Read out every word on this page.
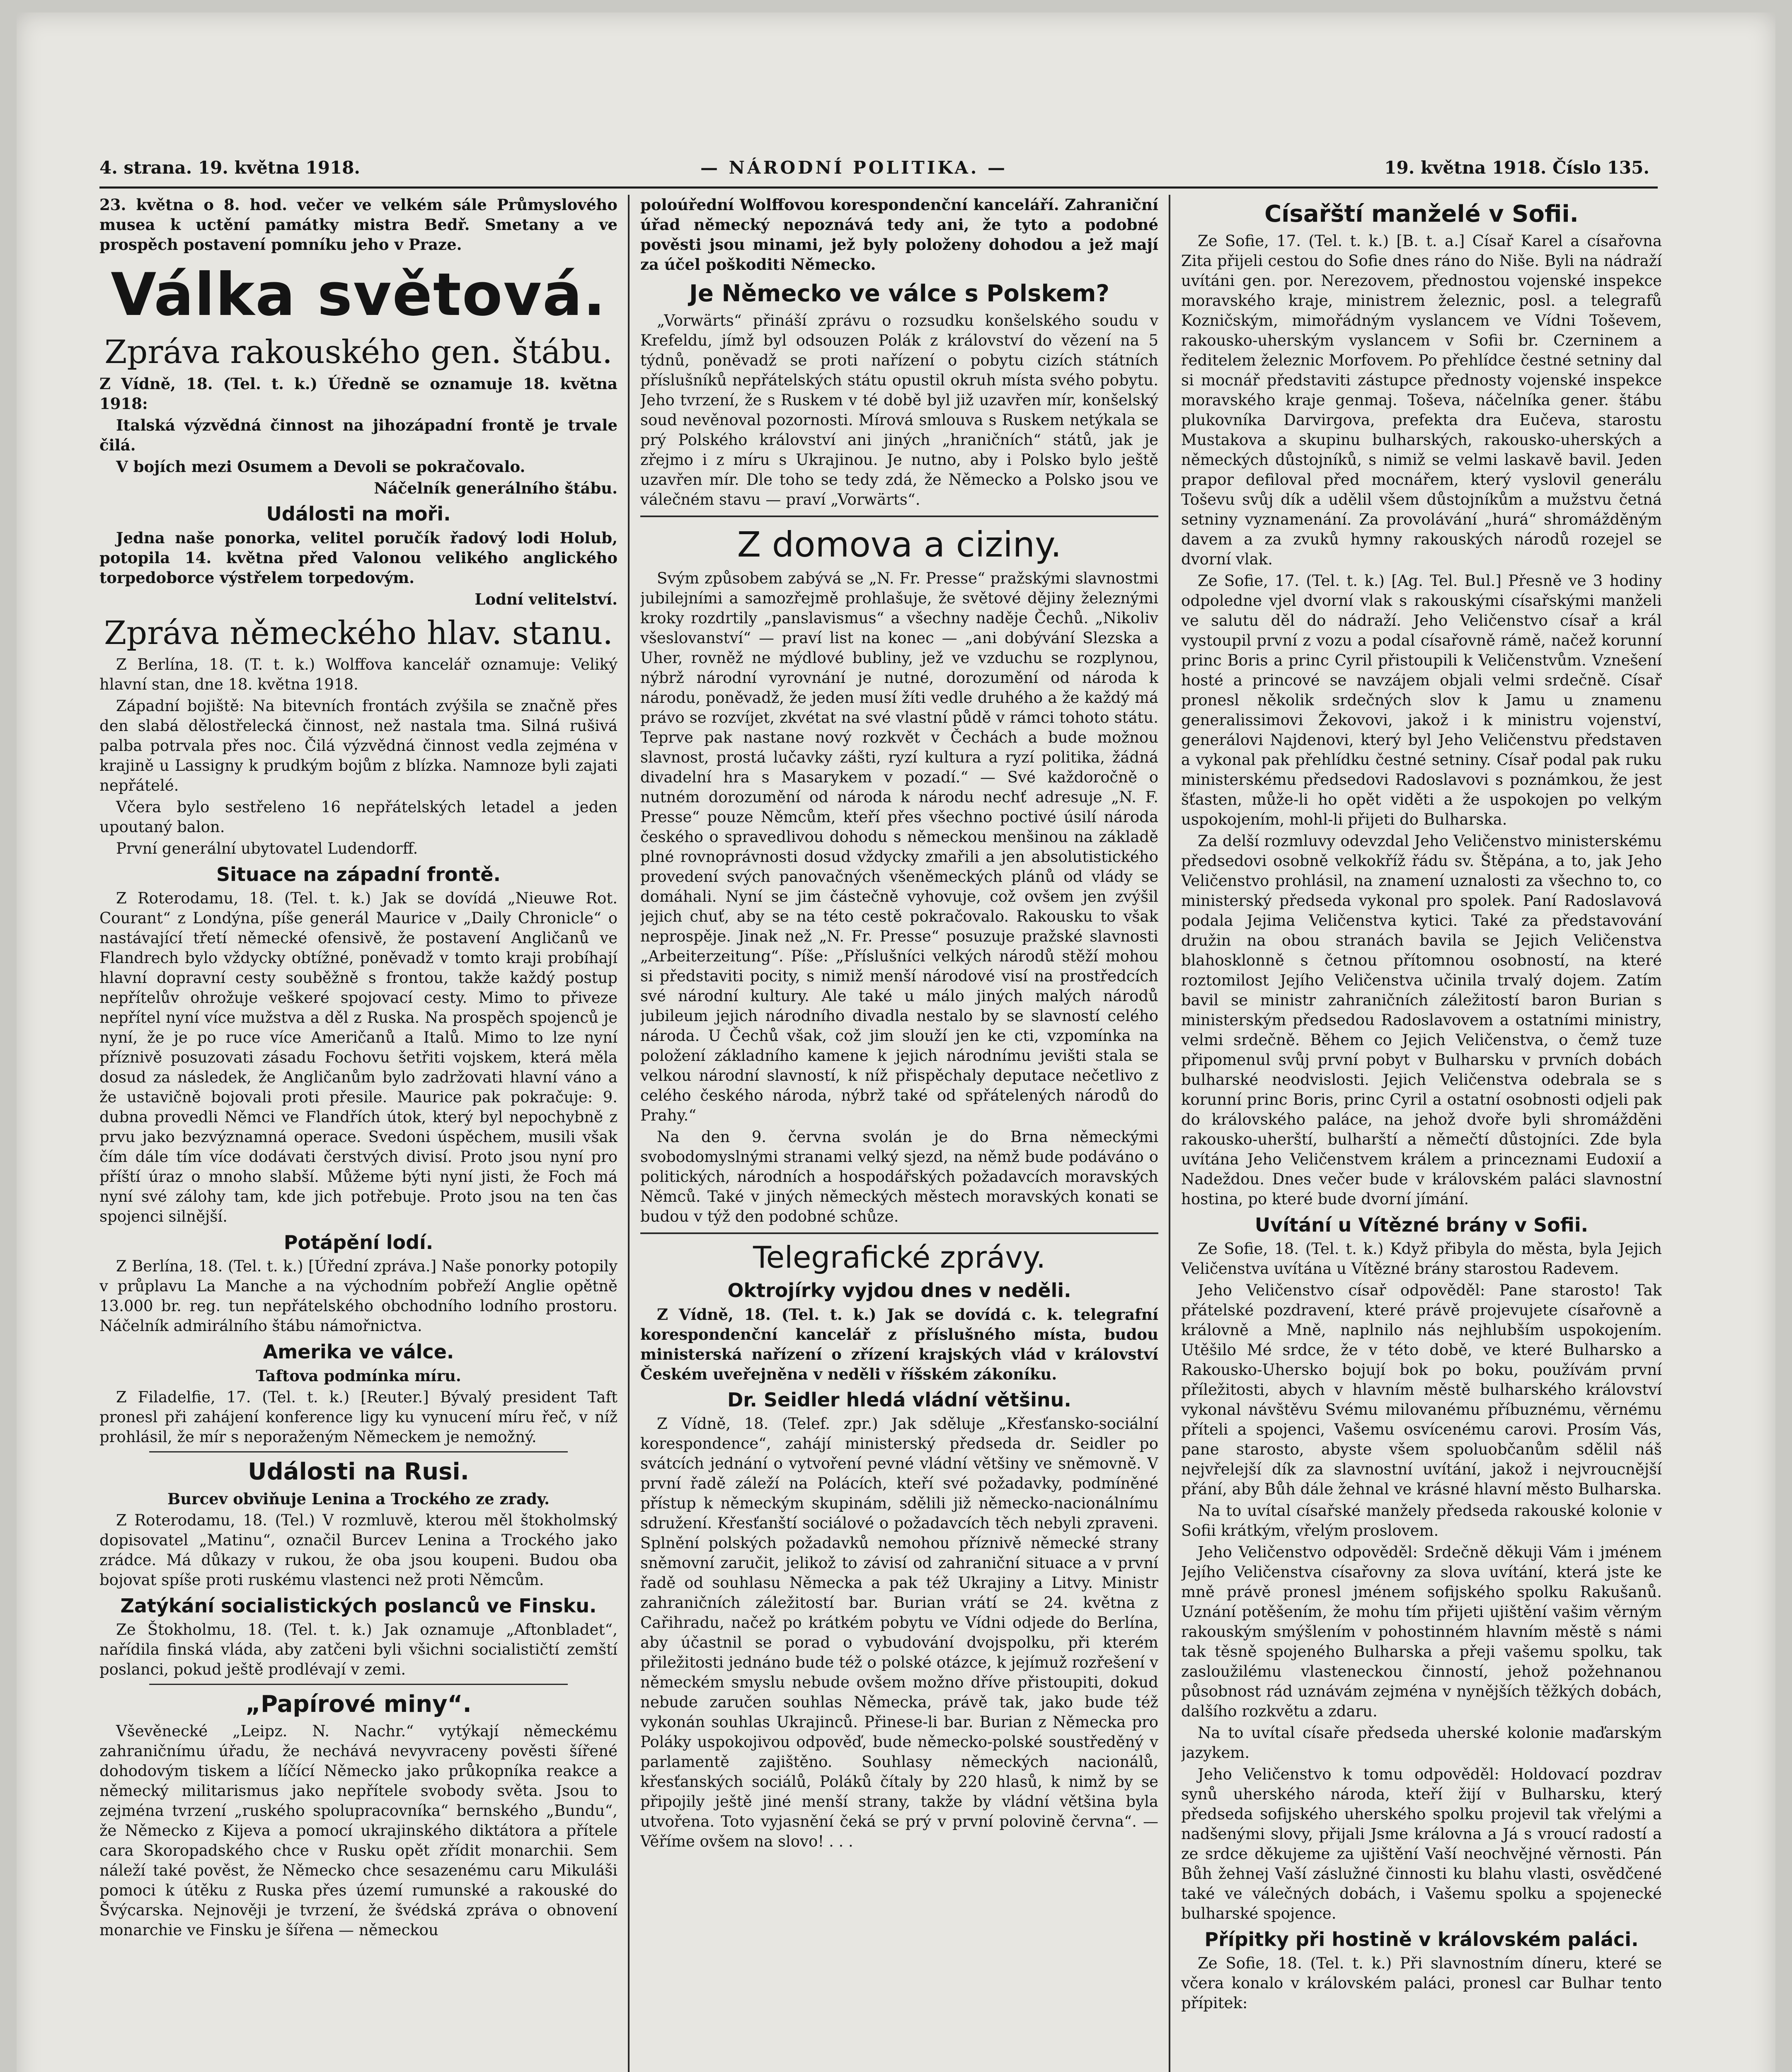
4. strana. 19. května 1918.	— NÁRODNÍ POLITIKA. —	19. května 1918. Číslo 135.

23. května o 8. hod. večer ve velkém sále Průmyslového musea k uctění památky mistra Bedř. Smetany a ve prospěch postavení pomníku jeho v Praze.

Válka světová.
Zpráva rakouského gen. štábu.

Z Vídně, 18. (Tel. t. k.) Úředně se oznamuje 18. května 1918:

Italská výzvědná činnost na jihozápadní frontě je trvale čilá.

V bojích mezi Osumem a Devoli se pokračovalo.

Náčelník generálního štábu.

Události na moři.

Jedna naše ponorka, velitel poručík řadový lodi Holub, potopila 14. května před Valonou velikého anglického torpedoborce výstřelem torpedovým.

Lodní velitelství.

Zpráva německého hlav. stanu.

Z Berlína, 18. (T. t. k.) Wolffova kancelář oznamuje: Veliký hlavní stan, dne 18. května 1918.

Západní bojiště: Na bitevních frontách zvýšila se značně přes den slabá dělostřelecká činnost, než nastala tma. Silná rušivá palba potrvala přes noc. Čilá výzvědná činnost vedla zejména v krajině u Lassigny k prudkým bojům z blízka. Namnoze byli zajati nepřátelé.

Včera bylo sestřeleno 16 nepřátelských letadel a jeden upoutaný balon.

První generální ubytovatel Ludendorff.

Situace na západní frontě.

Z Roterodamu, 18. (Tel. t. k.) Jak se dovídá „Nieuwe Rot. Courant“ z Londýna, píše generál Maurice v „Daily Chronicle“ o nastávající třetí německé ofensivě, že postavení Angličanů ve Flandrech bylo vždycky obtížné, poněvadž v tomto kraji probíhají hlavní dopravní cesty souběžně s frontou, takže každý postup nepřítelův ohrožuje veškeré spojovací cesty. Mimo to přiveze nepřítel nyní více mužstva a děl z Ruska. Na prospěch spojenců je nyní, že je po ruce více Američanů a Italů. Mimo to lze nyní příznivě posuzovati zásadu Fochovu šetřiti vojskem, která měla dosud za následek, že Angličanům bylo zadržovati hlavní váno a že ustavičně bojovali proti přesile. Maurice pak pokračuje: 9. dubna provedli Němci ve Flandřích útok, který byl nepochybně z prvu jako bezvýznamná operace. Svedoni úspěchem, musili však čím dále tím více dodávati čerstvých divisí. Proto jsou nyní pro příští úraz o mnoho slabší. Můžeme býti nyní jisti, že Foch má nyní své zálohy tam, kde jich potřebuje. Proto jsou na ten čas spojenci silnější.

Potápění lodí.

Z Berlína, 18. (Tel. t. k.) [Úřední zpráva.] Naše ponorky potopily v průplavu La Manche a na východním pobřeží Anglie opětně 13.000 br. reg. tun nepřátelského obchodního lodního prostoru. Náčelník admirálního štábu námořnictva.

Amerika ve válce.

Taftova podmínka míru.

Z Filadelfie, 17. (Tel. t. k.) [Reuter.] Bývalý president Taft pronesl při zahájení konference ligy ku vynucení míru řeč, v níž prohlásil, že mír s neporaženým Německem je nemožný.

Události na Rusi.

Burcev obviňuje Lenina a Trockého ze zrady.

Z Roterodamu, 18. (Tel.) V rozmluvě, kterou měl štokholmský dopisovatel „Matinu“, označil Burcev Lenina a Trockého jako zrádce. Má důkazy v rukou, že oba jsou koupeni. Budou oba bojovat spíše proti ruskému vlastenci než proti Němcům.

Zatýkání socialistických poslanců ve Finsku.

Ze Štokholmu, 18. (Tel. t. k.) Jak oznamuje „Aftonbladet“, nařídila finská vláda, aby zatčeni byli všichni socialističtí zemští poslanci, pokud ještě prodlévají v zemi.

„Papírové miny“.

Vševěnecké „Leipz. N. Nachr.“ vytýkají německému zahraničnímu úřadu, že nechává nevyvraceny pověsti šířené dohodovým tiskem a líčící Německo jako průkopníka reakce a německý militarismus jako nepřítele svobody světa. Jsou to zejména tvrzení „ruského spolupracovníka“ bernského „Bundu“, že Německo z Kijeva a pomocí ukrajinského diktátora a přítele cara Skoropadského chce v Rusku opět zřídit monarchii. Sem náleží také pověst, že Německo chce sesazenému caru Mikuláši pomoci k útěku z Ruska přes území rumunské a rakouské do Švýcarska. Nejnověji je tvrzení, že švédská zpráva o obnovení monarchie ve Finsku je šířena — německou

poloúřední Wolffovou korespondenční kanceláří. Zahraniční úřad německý nepoznává tedy ani, že tyto a podobné pověsti jsou minami, jež byly položeny dohodou a jež mají za účel poškoditi Německo.

Je Německo ve válce s Polskem?

„Vorwärts“ přináší zprávu o rozsudku konšelského soudu v Krefeldu, jímž byl odsouzen Polák z království do vězení na 5 týdnů, poněvadž se proti nařízení o pobytu cizích státních příslušníků nepřátelských státu opustil okruh místa svého pobytu. Jeho tvrzení, že s Ruskem v té době byl již uzavřen mír, konšelský soud nevěnoval pozornosti. Mírová smlouva s Ruskem netýkala se prý Polského království ani jiných „hraničních“ států, jak je zřejmo i z míru s Ukrajinou. Je nutno, aby i Polsko bylo ještě uzavřen mír. Dle toho se tedy zdá, že Německo a Polsko jsou ve válečném stavu — praví „Vorwärts“.

Z domova a ciziny.

Svým způsobem zabývá se „N. Fr. Presse“ pražskými slavnostmi jubilejními a samozřejmě prohlašuje, že světové dějiny železnými kroky rozdrtily „panslavismus“ a všechny naděje Čechů. „Nikoliv všeslovanství“ — praví list na konec — „ani dobývání Slezska a Uher, rovněž ne mýdlové bubliny, jež ve vzduchu se rozplynou, nýbrž národní vyrovnání je nutné, dorozumění od národa k národu, poněvadž, že jeden musí žíti vedle druhého a že každý má právo se rozvíjet, zkvétat na své vlastní půdě v rámci tohoto státu. Teprve pak nastane nový rozkvět v Čechách a bude možnou slavnost, prostá lučavky zášti, ryzí kultura a ryzí politika, žádná divadelní hra s Masarykem v pozadí.“ — Své každoročně o nutném dorozumění od národa k národu nechť adresuje „N. F. Presse“ pouze Němcům, kteří přes všechno poctivé úsilí národa českého o spravedlivou dohodu s německou menšinou na základě plné rovnoprávnosti dosud vždycky zmařili a jen absolutistického provedení svých panovačných všeněmeckých plánů od vlády se domáhali. Nyní se jim částečně vyhovuje, což ovšem jen zvýšil jejich chuť, aby se na této cestě pokračovalo. Rakousku to však neprospěje. Jinak než „N. Fr. Presse“ posuzuje pražské slavnosti „Arbeiterzeitung“. Píše: „Příslušníci velkých národů stěží mohou si představiti pocity, s nimiž menší národové visí na prostředcích své národní kultury. Ale také u málo jiných malých národů jubileum jejich národního divadla nestalo by se slavností celého národa. U Čechů však, což jim slouží jen ke cti, vzpomínka na položení základního kamene k jejich národnímu jevišti stala se velkou národní slavností, k níž přispěchaly deputace nečetlivo z celého českého národa, nýbrž také od spřátelených národů do Prahy.“

Na den 9. června svolán je do Brna německými svobodomyslnými stranami velký sjezd, na němž bude podáváno o politických, národních a hospodářských požadavcích moravských Němců. Také v jiných německých městech moravských konati se budou v týž den podobné schůze.

Telegrafické zprávy.
Oktrojírky vyjdou dnes v neděli.

Z Vídně, 18. (Tel. t. k.) Jak se dovídá c. k. telegrafní korespondenční kancelář z příslušného místa, budou ministerská nařízení o zřízení krajských vlád v království Českém uveřejněna v neděli v říšském zákoníku.

Dr. Seidler hledá vládní většinu.

Z Vídně, 18. (Telef. zpr.) Jak sděluje „Křesťansko-sociální korespondence“, zahájí ministerský předseda dr. Seidler po svátcích jednání o vytvoření pevné vládní většiny ve sněmovně. V první řadě záleží na Polácích, kteří své požadavky, podmíněné přístup k německým skupinám, sdělili již německo-nacionálnímu sdružení. Křesťanští sociálové o požadavcích těch nebyli zpraveni. Splnění polských požadavků nemohou příznivě německé strany sněmovní zaručit, jelikož to závisí od zahraniční situace a v první řadě od souhlasu Německa a pak též Ukrajiny a Litvy. Ministr zahraničních záležitostí bar. Burian vrátí se 24. května z Cařihradu, načež po krátkém pobytu ve Vídni odjede do Berlína, aby účastnil se porad o vybudování dvojspolku, při kterém přiležitosti jednáno bude též o polské otázce, k jejímuž rozřešení v německém smyslu nebude ovšem možno dříve přistoupiti, dokud nebude zaručen souhlas Německa, právě tak, jako bude též vykonán souhlas Ukrajinců. Přinese-li bar. Burian z Německa pro Poláky uspokojivou odpověď, bude německo-polské soustředěný v parlamentě zajištěno. Souhlasy německých nacionálů, křesťanských sociálů, Poláků čítaly by 220 hlasů, k nimž by se připojily ještě jiné menší strany, takže by vládní většina byla utvořena. Toto vyjasnění čeká se prý v první polovině června“. — Věříme ovšem na slovo! . . .

Císařští manželé v Sofii.

Ze Sofie, 17. (Tel. t. k.) [B. t. a.] Císař Karel a císařovna Zita přijeli cestou do Sofie dnes ráno do Niše. Byli na nádraží uvítáni gen. por. Nerezovem, přednostou vojenské inspekce moravského kraje, ministrem železnic, posl. a telegrafů Kozničským, mimořádným vyslancem ve Vídni Toševem, rakousko-uherským vyslancem v Sofii br. Czerninem a ředitelem železnic Morfovem. Po přehlídce čestné setniny dal si mocnář představiti zástupce přednosty vojenské inspekce moravského kraje genmaj. Toševa, náčelníka gener. štábu plukovníka Darvirgova, prefekta dra Eučeva, starostu Mustakova a skupinu bulharských, rakousko-uherských a německých důstojníků, s nimiž se velmi laskavě bavil. Jeden prapor defiloval před mocnářem, který vyslovil generálu Toševu svůj dík a udělil všem důstojníkům a mužstvu četná setniny vyznamenání. Za provolávání „hurá“ shromážděným davem a za zvuků hymny rakouských národů rozejel se dvorní vlak.

Ze Sofie, 17. (Tel. t. k.) [Ag. Tel. Bul.] Přesně ve 3 hodiny odpoledne vjel dvorní vlak s rakouskými císařskými manželi ve salutu děl do nádraží. Jeho Veličenstvo císař a král vystoupil první z vozu a podal císařovně rámě, načež korunní princ Boris a princ Cyril přistoupili k Veličenstvům. Vznešení hosté a princové se navzájem objali velmi srdečně. Císař pronesl několik srdečných slov k Jamu u znamenu generalissimovi Žekovovi, jakož i k ministru vojenství, generálovi Najdenovi, který byl Jeho Veličenstvu představen a vykonal pak přehlídku čestné setniny. Císař podal pak ruku ministerskému předsedovi Radoslavovi s poznámkou, že jest šťasten, může-li ho opět viděti a že uspokojen po velkým uspokojením, mohl-li přijeti do Bulharska.

Za delší rozmluvy odevzdal Jeho Veličenstvo ministerskému předsedovi osobně velkokříž řádu sv. Štěpána, a to, jak Jeho Veličenstvo prohlásil, na znamení uznalosti za všechno to, co ministerský předseda vykonal pro spolek. Paní Radoslavová podala Jejima Veličenstva kytici. Také za představování družin na obou stranách bavila se Jejich Veličenstva blahosklonně s četnou přítomnou osobností, na které roztomilost Jejího Veličenstva učinila trvalý dojem. Zatím bavil se ministr zahraničních záležitostí baron Burian s ministerským předsedou Radoslavovem a ostatními ministry, velmi srdečně. Během co Jejich Veličenstva, o čemž tuze připomenul svůj první pobyt v Bulharsku v prvních dobách bulharské neodvislosti. Jejich Veličenstva odebrala se s korunní princ Boris, princ Cyril a ostatní osobnosti odjeli pak do královského paláce, na jehož dvoře byli shromážděni rakousko-uherští, bulharští a němečtí důstojníci. Zde byla uvítána Jeho Veličenstvem králem a princeznami Eudoxií a Nadeždou. Dnes večer bude v královském paláci slavnostní hostina, po které bude dvorní jímání.

Uvítání u Vítězné brány v Sofii.

Ze Sofie, 18. (Tel. t. k.) Když přibyla do města, byla Jejich Veličenstva uvítána u Vítězné brány starostou Radevem.

Jeho Veličenstvo císař odpověděl: Pane starosto! Tak přátelské pozdravení, které právě projevujete císařovně a královně a Mně, naplnilo nás nejhlubším uspokojením. Utěšilo Mé srdce, že v této době, ve které Bulharsko a Rakousko-Uhersko bojují bok po boku, používám první příležitosti, abych v hlavním městě bulharského království vykonal návštěvu Svému milovanému příbuznému, věrnému příteli a spojenci, Vašemu osvícenému carovi. Prosím Vás, pane starosto, abyste všem spoluobčanům sdělil náš nejvřelejší dík za slavnostní uvítání, jakož i nejvroucnější přání, aby Bůh dále žehnal ve krásné hlavní město Bulharska.

Na to uvítal císařské manžely předseda rakouské kolonie v Sofii krátkým, vřelým proslovem.

Jeho Veličenstvo odpověděl: Srdečně děkuji Vám i jménem Jejího Veličenstva císařovny za slova uvítání, která jste ke mně právě pronesl jménem sofijského spolku Rakušanů. Uznání potěšením, že mohu tím přijeti ujištění vašim věrným rakouským smýšlením v pohostinném hlavním městě s námi tak těsně spojeného Bulharska a přeji vašemu spolku, tak zasloužilému vlasteneckou činností, jehož požehnanou působnost rád uznávám zejména v nynějších těžkých dobách, dalšího rozkvětu a zdaru.

Na to uvítal císaře předseda uherské kolonie maďarským jazykem.

Jeho Veličenstvo k tomu odpověděl: Holdovací pozdrav synů uherského národa, kteří žijí v Bulharsku, který předseda sofijského uherského spolku projevil tak vřelými a nadšenými slovy, přijali Jsme královna a Já s vroucí radostí a ze srdce děkujeme za ujištění Vaší neochvějné věrnosti. Pán Bůh žehnej Vaší záslužné činnosti ku blahu vlasti, osvědčené také ve válečných dobách, i Vašemu spolku a spojenecké bulharské spojence.

Přípitky při hostině v královském paláci.

Ze Sofie, 18. (Tel. t. k.) Při slavnostním díneru, které se včera konalo v královském paláci, pronesl car Bulhar tento přípitek:
